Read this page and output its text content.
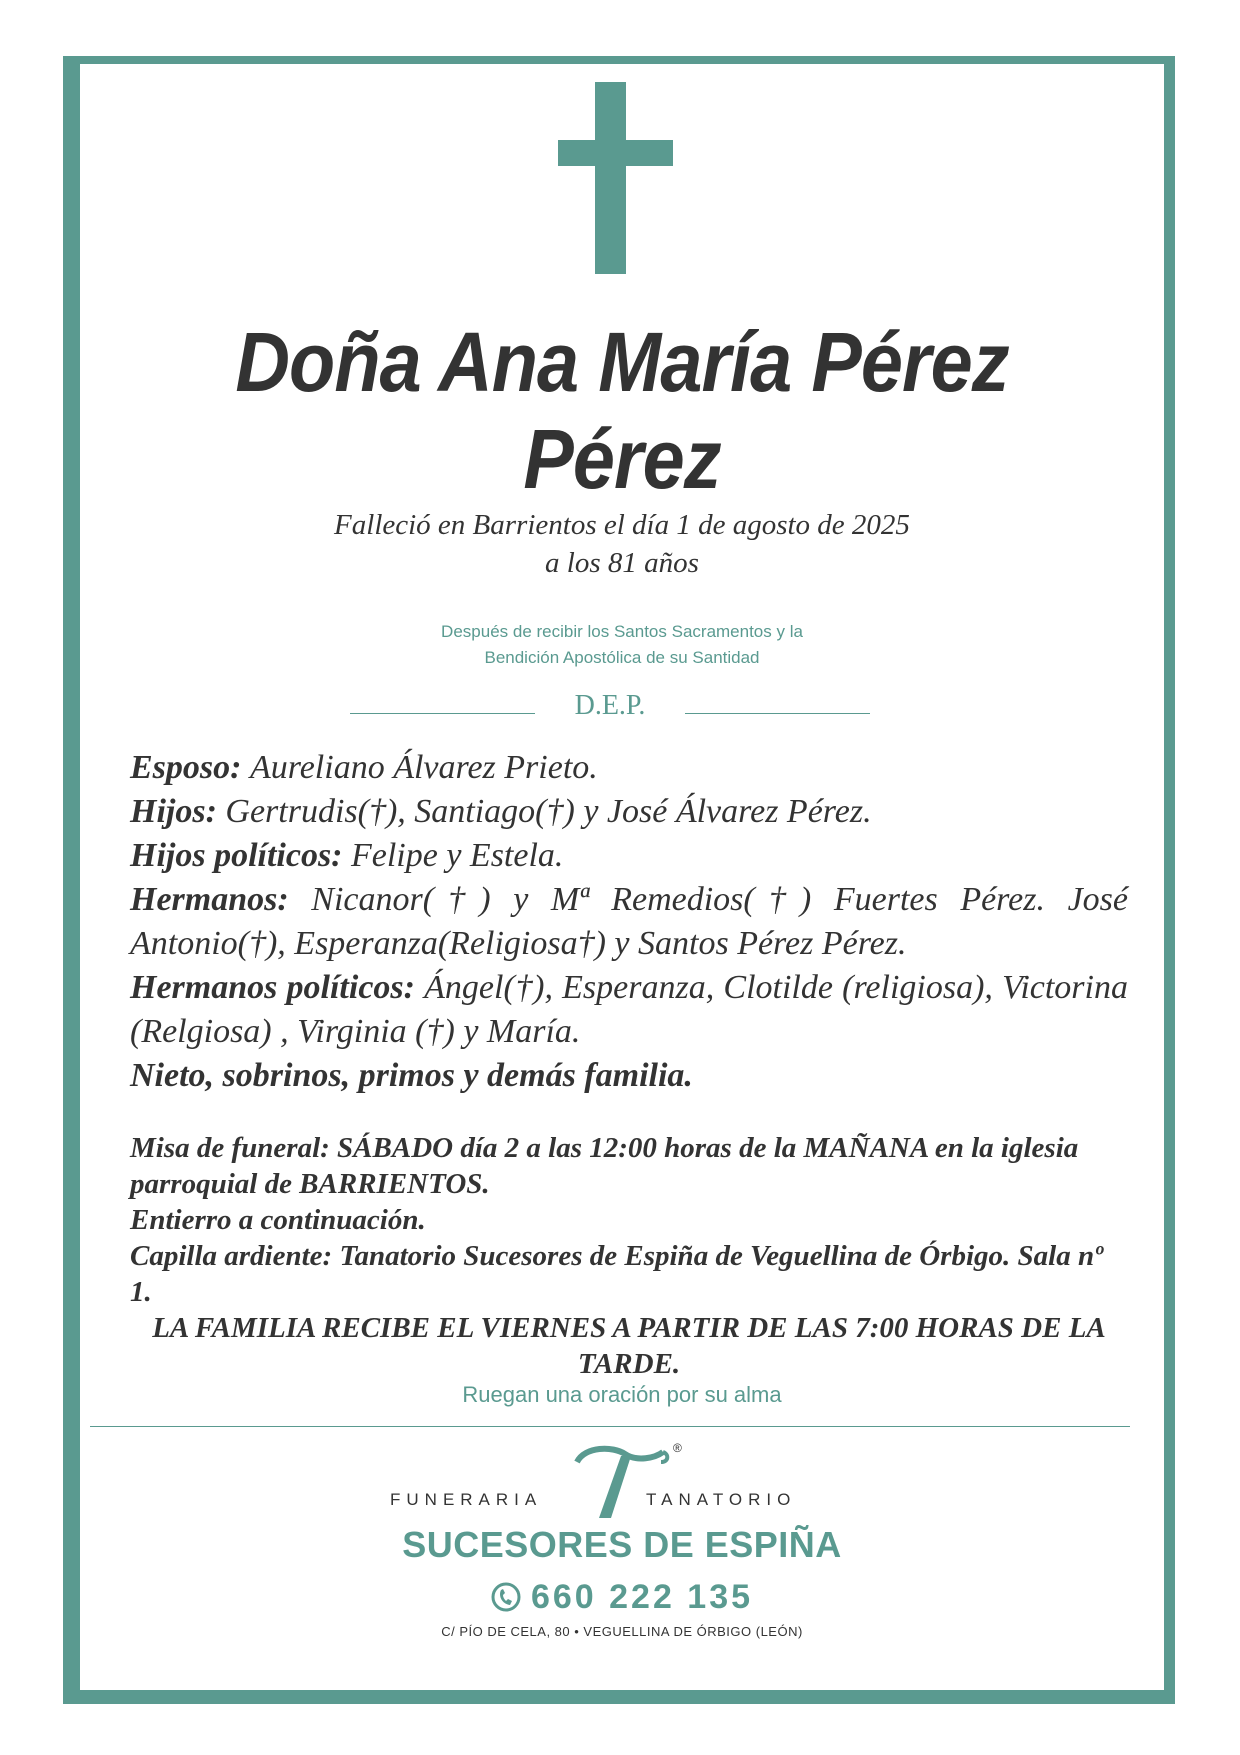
Doña Ana María Pérez Pérez
Falleció en Barrientos el día 1 de agosto de 2025
a los 81 años
Después de recibir los Santos Sacramentos y la
Bendición Apostólica de su Santidad
D.E.P.

Esposo: Aureliano Álvarez Prieto.

Hijos: Gertrudis(†), Santiago(†) y José Álvarez Pérez.

Hijos políticos: Felipe y Estela.

Hermanos: Nicanor(†) y Mª Remedios(†) Fuertes Pérez. José Antonio(†), Esperanza(Religiosa†) y Santos Pérez Pérez.

Hermanos políticos: Ángel(†), Esperanza, Clotilde (religiosa), Victorina (Relgiosa) , Virginia (†) y María.

Nieto, sobrinos, primos y demás familia.

Misa de funeral: SÁBADO día 2 a las 12:00 horas de la MAÑANA en la iglesia parroquial de BARRIENTOS.

Entierro a continuación.

Capilla ardiente: Tanatorio Sucesores de Espiña de Veguellina de Órbigo. Sala nº 1.

LA FAMILIA RECIBE EL VIERNES A PARTIR DE LAS 7:00 HORAS DE LA TARDE.

Ruegan una oración por su alma
®
FUNERARIA	TANATORIO
SUCESORES DE ESPIÑA
660 222 135
C/ PÍO DE CELA, 80 • VEGUELLINA DE ÓRBIGO (LEÓN)
